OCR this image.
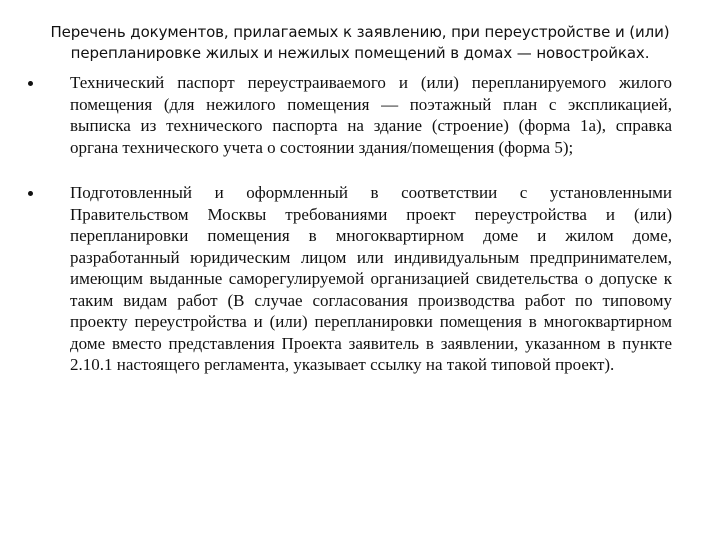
Перечень документов, прилагаемых к заявлению, при переустройстве и (или) перепланировке жилых и нежилых помещений в домах — новостройках.
Технический паспорт переустраиваемого и (или) перепланируемого жилого помещения (для нежилого помещения — поэтажный план с экспликацией, выписка из технического паспорта на здание (строение) (форма 1а), справка органа технического учета о состоянии здания/помещения (форма 5);
Подготовленный и оформленный в соответствии с установленными Правительством Москвы требованиями проект переустройства и (или) перепланировки помещения в многоквартирном доме и жилом доме, разработанный юридическим лицом или индивидуальным предпринимателем, имеющим выданные саморегулируемой организацией свидетельства о допуске к таким видам работ (В случае согласования производства работ по типовому проекту переустройства и (или) перепланировки помещения в многоквартирном доме вместо представления Проекта заявитель в заявлении, указанном в пункте 2.10.1 настоящего регламента, указывает ссылку на такой типовой проект).
